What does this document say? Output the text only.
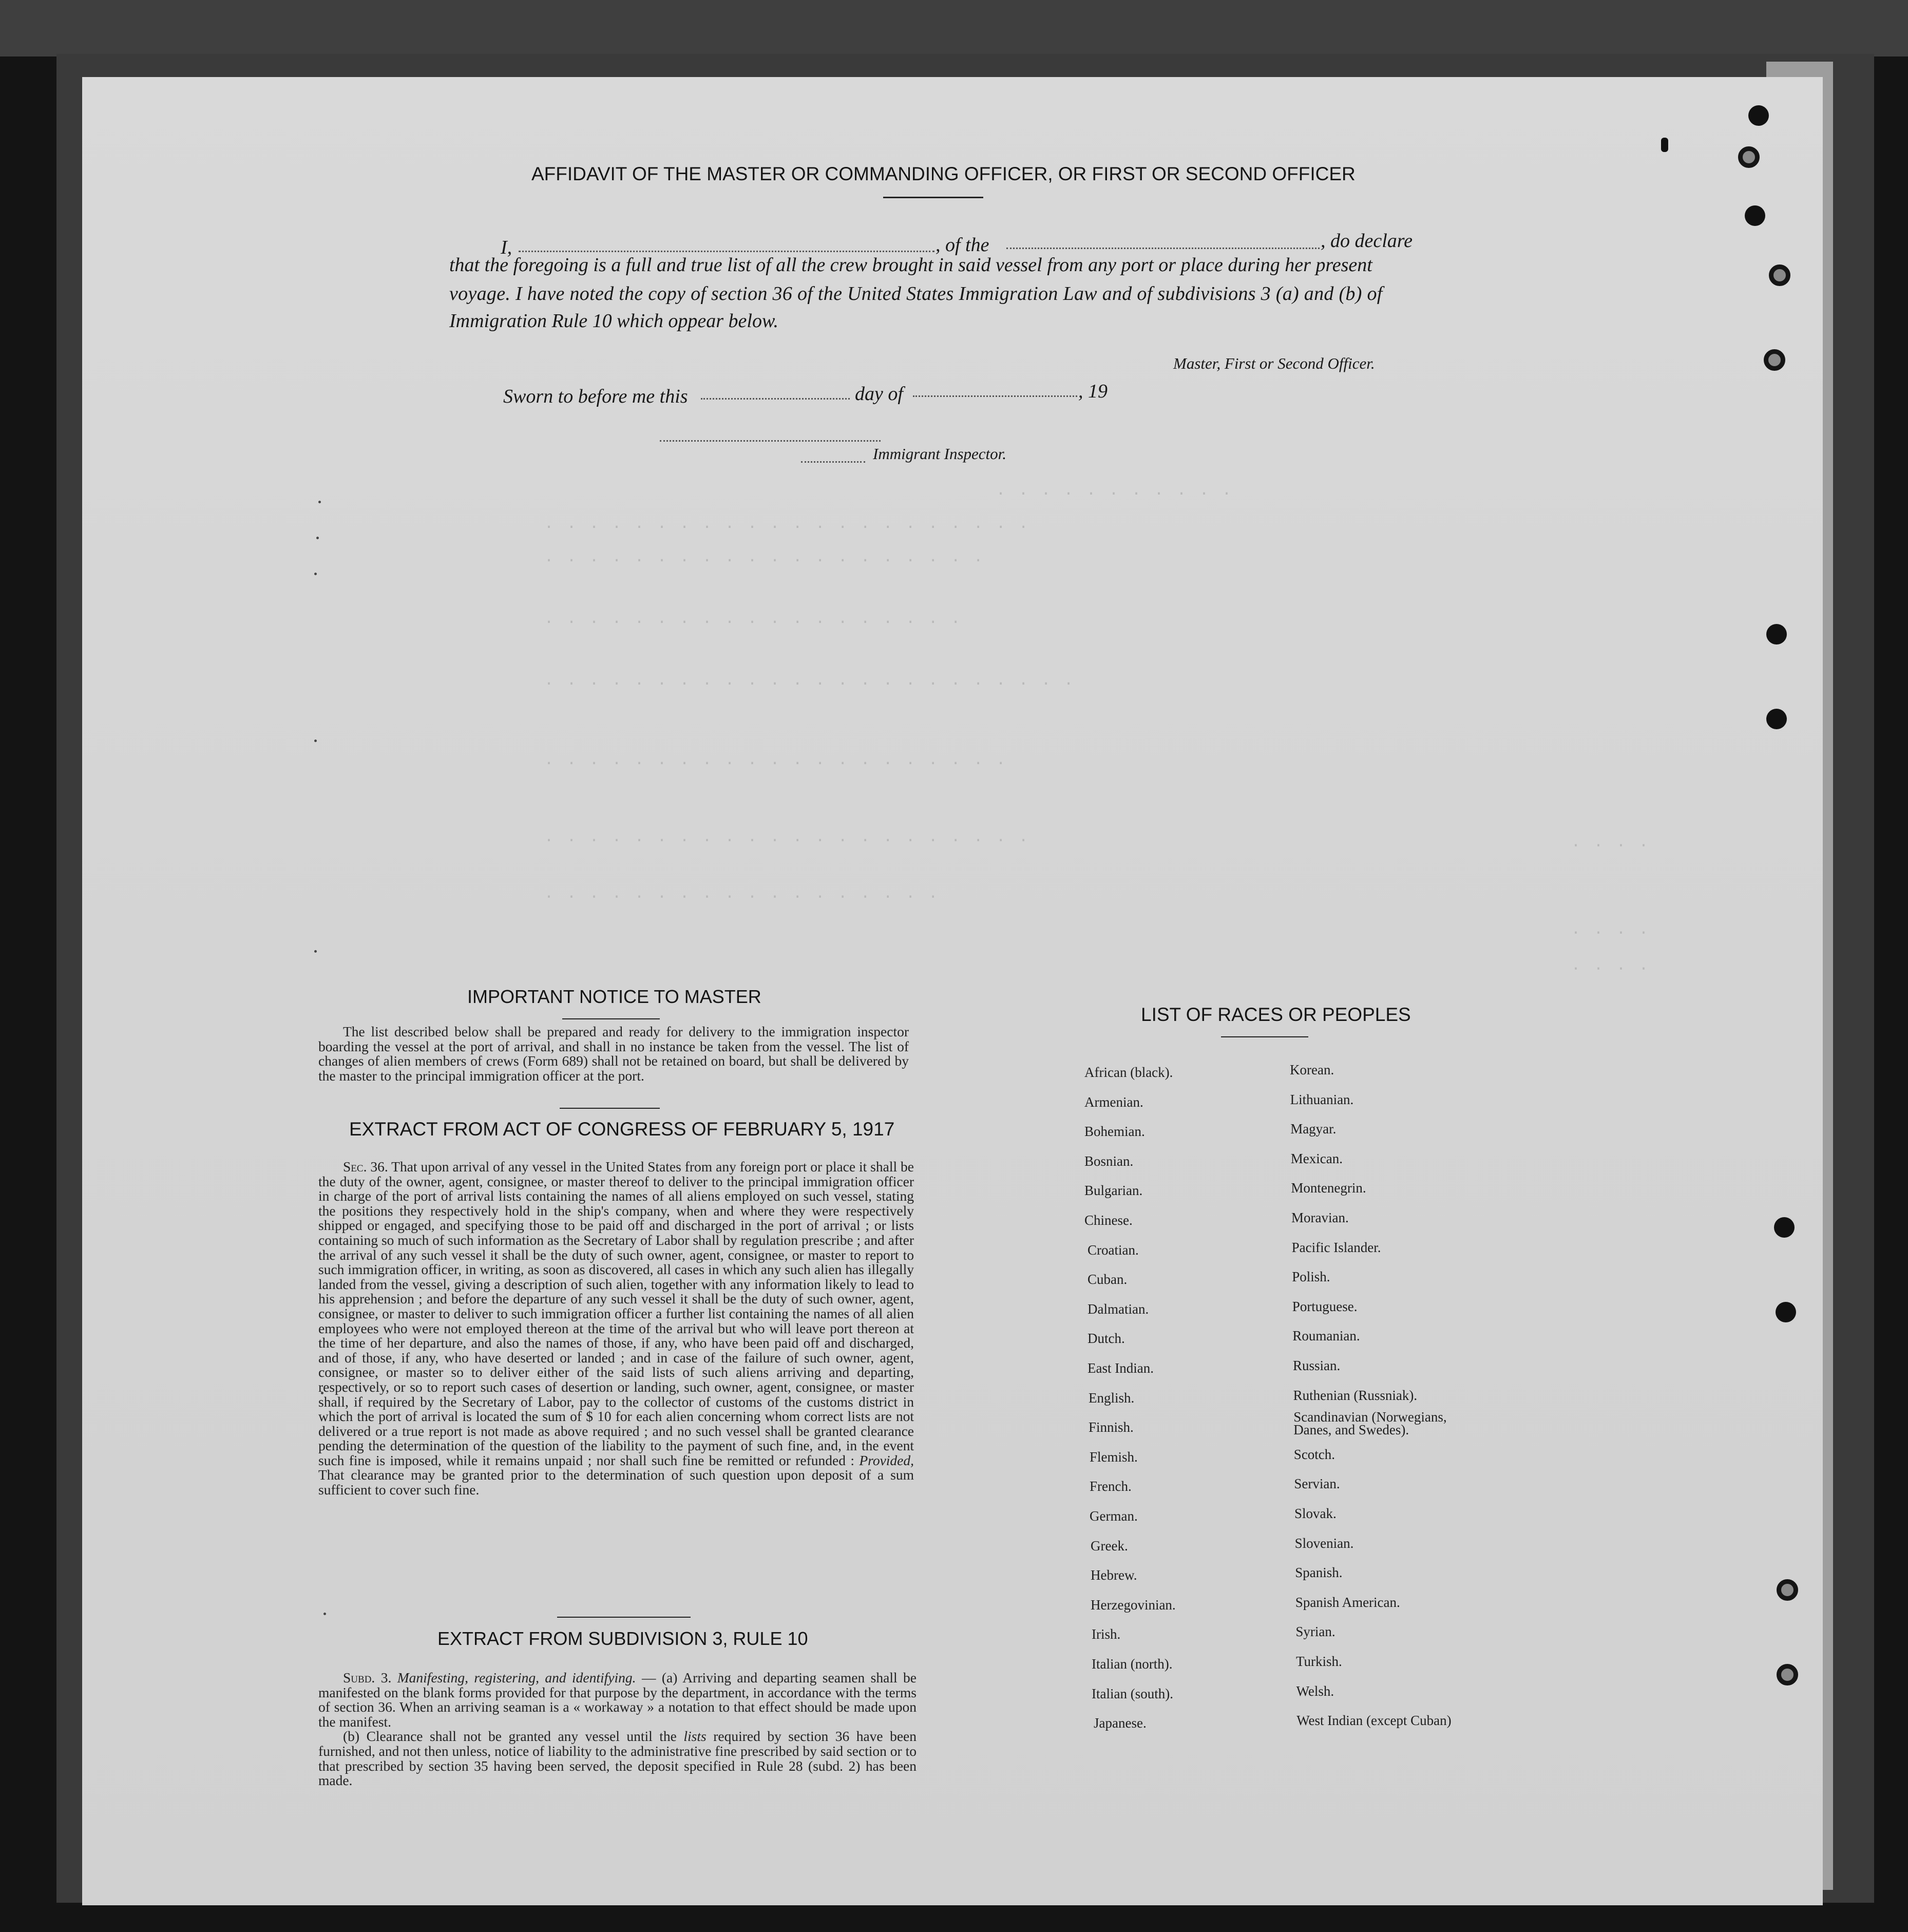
· · · · · · · · · · ·
· · · · · · · · · · · · · · · · · · · · · ·
· · · · · · · · · · · · · · · · · · · ·
· · · · · · · · · · · · · · · · · · ·
· · · · · · · · · · · · · · · · · · · · · · · ·
· · · · · · · · · · · · · · · · · · · · ·
· · · · · · · · · · · · · · · · · · · · · ·
· · · · · · · · · · · · · · · · · ·
· · · ·
· · · ·
· · · ·
AFFIDAVIT OF THE MASTER OR COMMANDING OFFICER, OR FIRST OR SECOND OFFICER
I,	, of the	, do declare
that the foregoing is a full and true list of all the crew brought in said vessel from any port or place during her present
voyage. I have noted the copy of section 36 of the United States Immigration Law and of subdivisions 3 (a) and (b) of
Immigration Rule 10 which oppear below.
Master, First or Second Officer.
Sworn to before me this	day of	, 19
Immigrant Inspector.
IMPORTANT NOTICE TO MASTER

The list described below shall be prepared and ready for delivery to the immigration inspector boarding the vessel at the port of arrival, and shall in no instance be taken from the vessel. The list of changes of alien members of crews (Form 689) shall not be retained on board, but shall be delivered by the master to the principal immigration officer at the port.

EXTRACT FROM ACT OF CONGRESS OF FEBRUARY 5, 1917

Sec. 36. That upon arrival of any vessel in the United States from any foreign port or place it shall be the duty of the owner, agent, consignee, or master thereof to deliver to the principal immigration officer in charge of the port of arrival lists containing the names of all aliens employed on such vessel, stating the positions they respectively hold in the ship's company, when and where they were respectively shipped or engaged, and specifying those to be paid off and discharged in the port of arrival ; or lists containing so much of such information as the Secretary of Labor shall by regulation prescribe ; and after the arrival of any such vessel it shall be the duty of such owner, agent, consignee, or master to report to such immigration officer, in writing, as soon as discovered, all cases in which any such alien has illegally landed from the vessel, giving a description of such alien, together with any information likely to lead to his apprehension ; and before the departure of any such vessel it shall be the duty of such owner, agent, consignee, or master to deliver to such immigration officer a further list containing the names of all alien employees who were not employed thereon at the time of the arrival but who will leave port thereon at the time of her departure, and also the names of those, if any, who have been paid off and discharged, and of those, if any, who have deserted or landed ; and in case of the failure of such owner, agent, consignee, or master so to deliver either of the said lists of such aliens arriving and departing, respectively, or so to report such cases of desertion or landing, such owner, agent, consignee, or master shall, if required by the Secretary of Labor, pay to the collector of customs of the customs district in which the port of arrival is located the sum of $ 10 for each alien concerning whom correct lists are not delivered or a true report is not made as above required ; and no such vessel shall be granted clearance pending the determination of the question of the liability to the payment of such fine, and, in the event such fine is imposed, while it remains unpaid ; nor shall such fine be remitted or refunded : Provided, That clearance may be granted prior to the determination of such question upon deposit of a sum sufficient to cover such fine.

EXTRACT FROM SUBDIVISION 3, RULE 10

Subd. 3. Manifesting, registering, and identifying. — (a) Arriving and departing seamen shall be manifested on the blank forms provided for that purpose by the department, in accordance with the terms of section 36. When an arriving seaman is a « workaway » a notation to that effect should be made upon the manifest.

(b) Clearance shall not be granted any vessel until the lists required by section 36 have been furnished, and not then unless, notice of liability to the administrative fine prescribed by said section or to that prescribed by section 35 having been served, the deposit specified in Rule 28 (subd. 2) has been made.

LIST OF RACES OR PEOPLES
African (black).
Armenian.
Bohemian.
Bosnian.
Bulgarian.
Chinese.
Croatian.
Cuban.
Dalmatian.
Dutch.
East Indian.
English.
Finnish.
Flemish.
French.
German.
Greek.
Hebrew.
Herzegovinian.
Irish.
Italian (north).
Italian (south).
Japanese.
Korean.
Lithuanian.
Magyar.
Mexican.
Montenegrin.
Moravian.
Pacific Islander.
Polish.
Portuguese.
Roumanian.
Russian.
Ruthenian (Russniak).
Scandinavian (Norwegians, Danes, and Swedes).
Scotch.
Servian.
Slovak.
Slovenian.
Spanish.
Spanish American.
Syrian.
Turkish.
Welsh.
West Indian (except Cuban)
